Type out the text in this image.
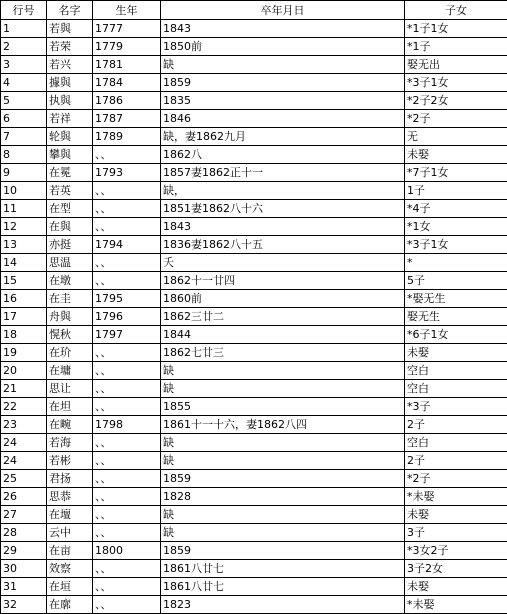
行号	名字	生年	卒年月日	子女
1	若與	1777	1843	*1子1女
2	若荣	1779	1850前	*1子
3	若兴	1781	缺	娶无出
4	據與	1784	1859	*3子1女
5	执與	1786	1835	*2子2女
6	若祥	1787	1846	*2子
7	轮與	1789	缺，妻1862九月	无
8	攀與	、、	1862八	未娶
9	在冕	1793	1857妻1862正十一	*7子1女
10	若英	、、	缺，	1子
11	在型	、、	1851妻1862八十六	*4子
12	在與	、、	1843	*1女
13	亦挺	1794	1836妻1862八十五	*3子1女
14	思温	、、	夭	*
15	在墩	、、	1862十一廿四	5子
16	在圭	1795	1860前	*娶无生
17	舟與	1796	1862三廿二	娶无生
18	愰秋	1797	1844	*6子1女
19	在玠	、、	1862七廿三	未娶
20	在墉	、、	缺	空白
21	思让	、、	缺	空白
22	在坦	、、	1855	*3子
23	在畹	1798	1861十一十六，妻1862八四	2子
24	若海	、、	缺	空白
24	若彬	、、	缺	2子
25	君扬	、、	1859	*2子
26	思恭	、、	1828	*未娶
27	在壇	、、	缺	未娶
28	云中	、、	缺	3子
29	在亩	1800	1859	*3女2子
30	效察	、、	1861八廿七	3子2女
31	在垣	、、	1861八廿七	未娶
32	在廓	、、	1823	*未娶
